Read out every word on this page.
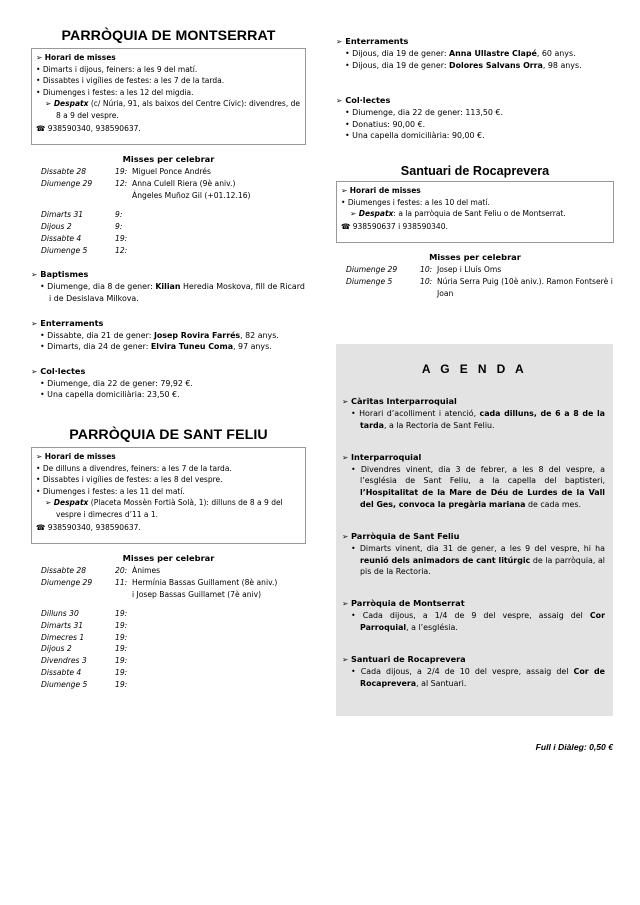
PARRÒQUIA DE MONTSERRAT

➢ Horari de misses

• Dimarts i dijous, feiners: a les 9 del matí.

• Dissabtes i vigílies de festes: a les 7 de la tarda.

• Diumenges i festes: a les 12 del migdia.

➢ Despatx (c/ Núria, 91, als baixos del Centre Cívic): divendres, de 8 a 9 del vespre.

☎ 938590340, 938590637.

Misses per celebrar
Dissabte 28	19:	Miguel Ponce Andrés
Diumenge 29	12:	Anna Culell Riera (9è aniv.)
Ángeles Muñoz Gil (+01.12.16)
Dimarts 31	9:	
Dijous 2	9:	
Dissabte 4	19:	
Diumenge 5	12:	

➢ Baptismes

• Diumenge, dia 8 de gener: Kilian Heredia Moskova, fill de Ricard i de Desislava Milkova.

➢ Enterraments

• Dissabte, dia 21 de gener: Josep Rovira Farrés, 82 anys.

• Dimarts, dia 24 de gener: Elvira Tuneu Coma, 97 anys.

➢ Col·lectes

• Diumenge, dia 22 de gener: 79,92 €.

• Una capella domiciliària: 23,50 €.

PARRÒQUIA DE SANT FELIU

➢ Horari de misses

• De dilluns a divendres, feiners: a les 7 de la tarda.

• Dissabtes i vigílies de festes: a les 8 del vespre.

• Diumenges i festes: a les 11 del matí.

➢ Despatx (Placeta Mossèn Fortià Solà, 1): dilluns de 8 a 9 del vespre i dimecres d’11 a 1.

☎ 938590340, 938590637.

Misses per celebrar
Dissabte 28	20:	Ànimes
Diumenge 29	11:	Hermínia Bassas Guillament (8è aniv.)
i Josep Bassas Guillamet (7è aniv)
Dilluns 30	19:	
Dimarts 31	19:	
Dimecres 1	19:	
Dijous 2	19:	
Divendres 3	19:	
Dissabte 4	19:	
Diumenge 5	19:	

➢ Enterraments

• Dijous, dia 19 de gener: Anna Ullastre Clapé, 60 anys.

• Dijous, dia 19 de gener: Dolores Salvans Orra, 98 anys.

➢ Col·lectes

• Diumenge, dia 22 de gener: 113,50 €.

• Donatius: 90,00 €.

• Una capella domiciliària: 90,00 €.

Santuari de Rocaprevera

➢ Horari de misses

• Diumenges i festes: a les 10 del matí.

➢ Despatx: a la parròquia de Sant Feliu o de Montserrat.

☎ 938590637 i 938590340.

Misses per celebrar
Diumenge 29	10:	Josep i Lluís Oms
Diumenge 5	10:	Núria Serra Puig (10è aniv.). Ramon Fontserè i Joan
A G E N D A

➢ Càritas Interparroquial

• Horari d’acolliment i atenció, cada dilluns, de 6 a 8 de la tarda, a la Rectoria de Sant Feliu.

➢ Interparroquial

• Divendres vinent, dia 3 de febrer, a les 8 del vespre, a l’església de Sant Feliu, a la capella del baptisteri, l’Hospitalitat de la Mare de Déu de Lurdes de la Vall del Ges, convoca la pregària mariana de cada mes.

➢ Parròquia de Sant Feliu

• Dimarts vinent, dia 31 de gener, a les 9 del vespre, hi ha reunió dels animadors de cant litúrgic de la parròquia, al pis de la Rectoria.

➢ Parròquia de Montserrat

• Cada dijous, a 1/4 de 9 del vespre, assaig del Cor Parroquial, a l’església.

➢ Santuari de Rocaprevera

• Cada dijous, a 2/4 de 10 del vespre, assaig del Cor de Rocaprevera, al Santuari.

Full i Diàleg: 0,50 €
